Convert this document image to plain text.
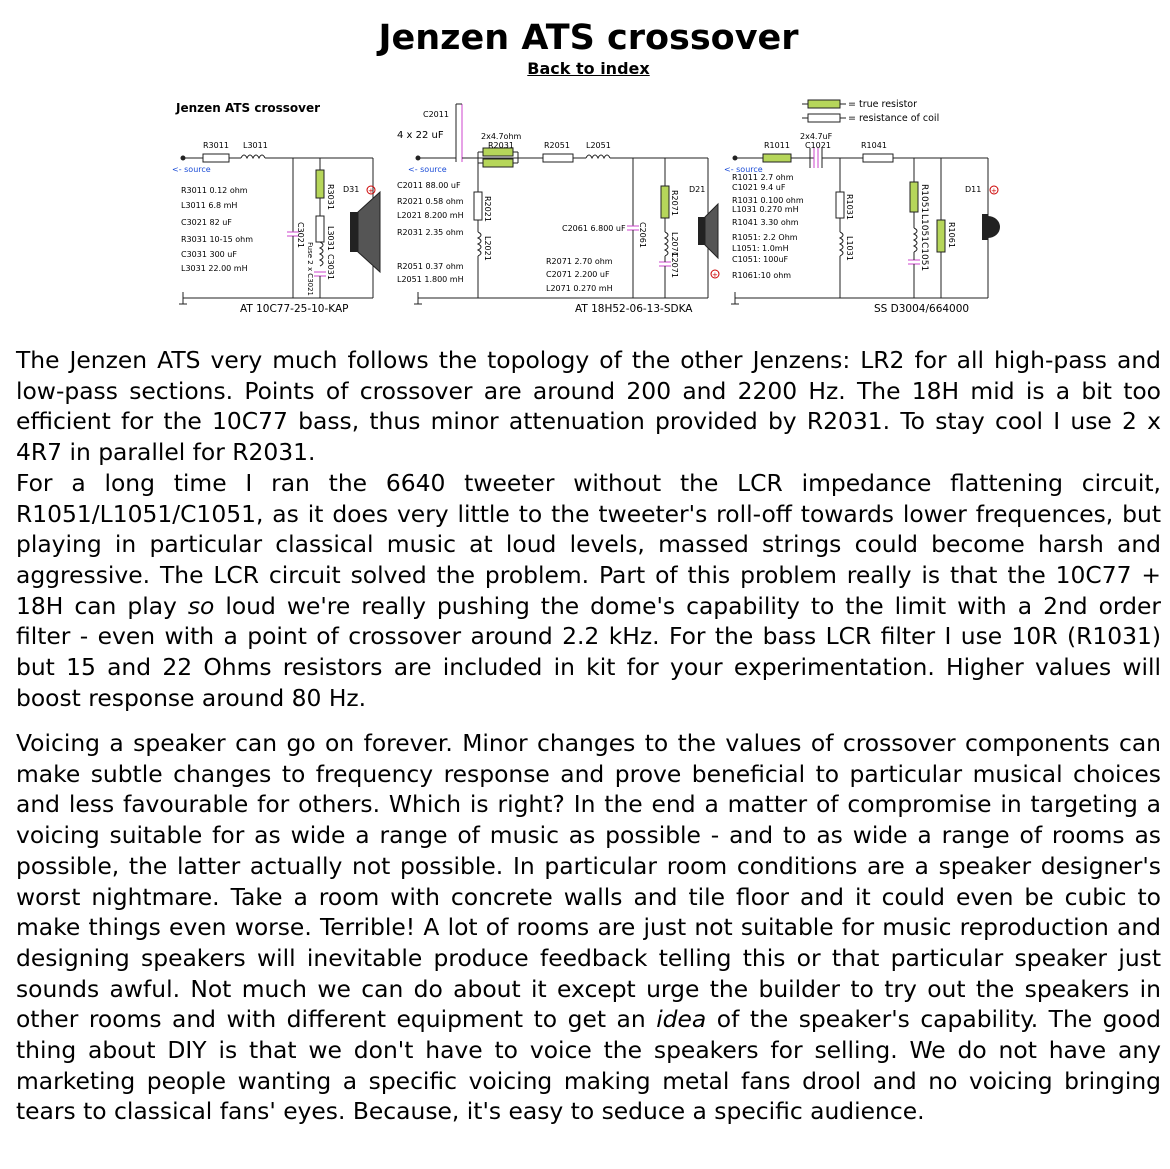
Jenzen ATS crossover
Back to index
Jenzen ATS crossover	= true resistor
= resistance of coil
+
R3011 L3011
<- source
R3011 0.12 ohm
L3011 6.8 mH
C3021 82 uF
R3031 10-15 ohm
C3031 300 uF
L3031 22.00 mH
D31
R3031
L3031
C3031
C3021
Fuse 2 x C3021
AT 10C77-25-10-KAP
+
C2011
4 x 22 uF	2x4.7ohm
R2031	R2051 L2051
<- source
C2011 88.00 uF
R2021 0.58 ohm
L2021 8.200 mH
R2031 2.35 ohm	C2061 6.800 uF
R2051 0.37 ohm
L2051 1.800 mH
R2071 2.70 ohm
C2071 2.200 uF
L2071 0.270 mH
R2021
L2021
C2061
R2071
L2071
C2071
D21
AT 18H52-06-13-SDKA
+
R1011
2x4.7uF
C1021	R1041
<- source
R1011 2.7 ohm
C1021 9.4 uF
R1031 0.100 ohm
L1031 0.270 mH
R1041 3.30 ohm
R1051: 2.2 Ohm
L1051: 1.0mH
C1051: 100uF
R1061:10 ohm
R1031
L1031
R1051
L1051
C1051
R1061
D11
SS D3004/664000

The Jenzen ATS very much follows the topology of the other Jenzens: LR2 for all high-pass and low-pass sections. Points of crossover are around 200 and 2200 Hz. The 18H mid is a bit too efficient for the 10C77 bass, thus minor attenuation provided by R2031. To stay cool I use 2 x 4R7 in parallel for R2031.
For a long time I ran the 6640 tweeter without the LCR impedance flattening circuit, R1051/L1051/C1051, as it does very little to the tweeter's roll-off towards lower frequences, but playing in particular classical music at loud levels, massed strings could become harsh and aggressive. The LCR circuit solved the problem. Part of this problem really is that the 10C77 + 18H can play so loud we're really pushing the dome's capability to the limit with a 2nd order filter - even with a point of crossover around 2.2 kHz. For the bass LCR filter I use 10R (R1031) but 15 and 22 Ohms resistors are included in kit for your experimentation. Higher values will boost response around 80 Hz.

Voicing a speaker can go on forever. Minor changes to the values of crossover components can make subtle changes to frequency response and prove beneficial to particular musical choices and less favourable for others. Which is right? In the end a matter of compromise in targeting a voicing suitable for as wide a range of music as possible - and to as wide a range of rooms as possible, the latter actually not possible. In particular room conditions are a speaker designer's worst nightmare. Take a room with concrete walls and tile floor and it could even be cubic to make things even worse. Terrible! A lot of rooms are just not suitable for music reproduction and designing speakers will inevitable produce feedback telling this or that particular speaker just sounds awful. Not much we can do about it except urge the builder to try out the speakers in other rooms and with different equipment to get an idea of the speaker's capability. The good thing about DIY is that we don't have to voice the speakers for selling. We do not have any marketing people wanting a specific voicing making metal fans drool and no voicing bringing tears to classical fans' eyes. Because, it's easy to seduce a specific audience.
